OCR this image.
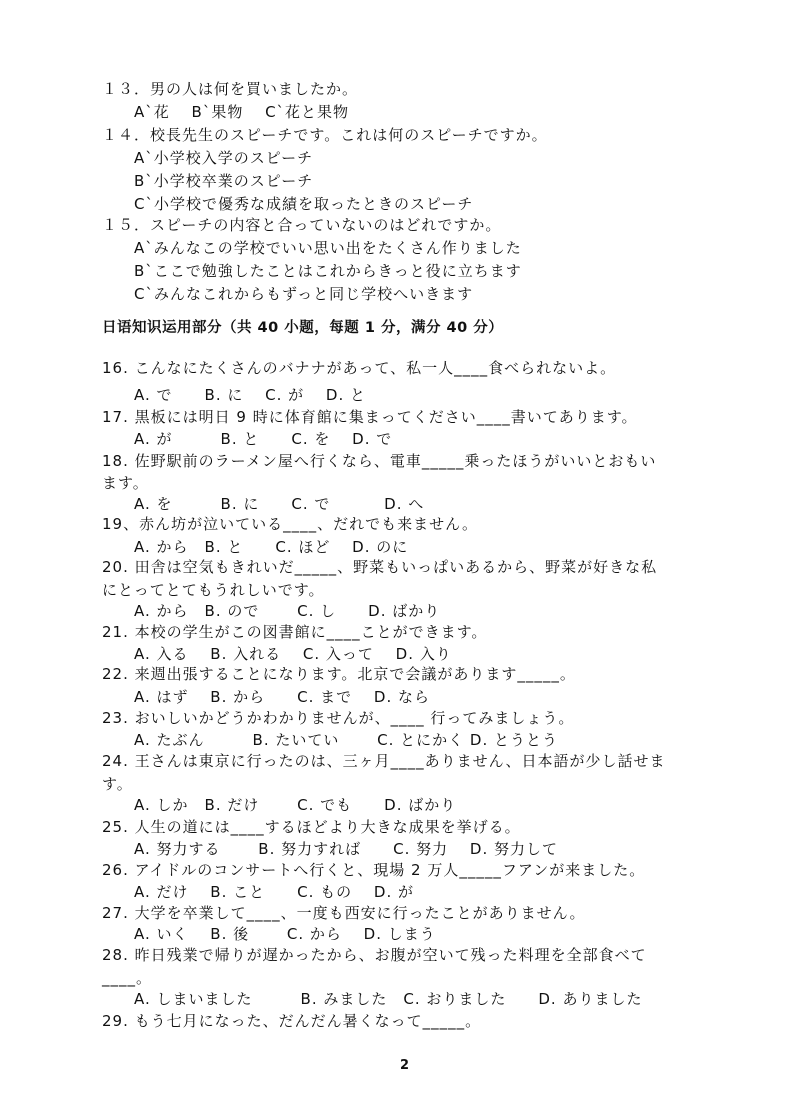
１３．男の人は何を買いましたか。
A`花　 B`果物　 C`花と果物
１４．校長先生のスピーチです。これは何のスピーチですか。
A`小学校入学のスピーチ
B`小学校卒業のスピーチ
C`小学校で優秀な成績を取ったときのスピーチ
１５．スピーチの内容と合っていないのはどれですか。
A`みんなこの学校でいい思い出をたくさん作りました
B`ここで勉強したことはこれからきっと役に立ちます
C`みんなこれからもずっと同じ学校へいきます
日语知识运用部分（共 40 小题，每题 1 分，满分 40 分）
16. こんなにたくさんのバナナがあって、私一人____食べられないよ。
A. で　　B. に　 C. が　 D. と
17. 黒板には明日 9 時に体育館に集まってください____書いてあります。
A. が　　　B. と　　C. を　 D. で
18. 佐野駅前のラーメン屋へ行くなら、電車_____乗ったほうがいいとおもい
ます。
A. を　　　B. に　　C. で　　　 D. へ
19、赤ん坊が泣いている____、だれでも来ません。
A. から　B. と　　C. ほど　 D. のに
20. 田舎は空気もきれいだ_____、野菜もいっぱいあるから、野菜が好きな私
にとってとてもうれしいです。
A. から　B. ので　　 C. し　　D. ばかり
21. 本校の学生がこの図書館に____ことができます。
A. 入る　 B. 入れる　 C. 入って　 D. 入り
22. 来週出張することになります。北京で会議があります_____。
A. はず　 B. から　　C. まで　 D. なら
23. おいしいかどうかわかりませんが、____ 行ってみましょう。
A. たぶん　　　B. たいてい　　 C. とにかく D. とうとう
24. 王さんは東京に行ったのは、三ヶ月____ありません、日本語が少し話せま
す。
A. しか　B. だけ　　 C. でも　　D. ばかり
25. 人生の道には____するほどより大きな成果を挙げる。
A. 努力する　　 B. 努力すれば　　C. 努力　 D. 努力して
26. アイドルのコンサートへ行くと、現場 2 万人_____フアンが来ました。
A. だけ　 B. こと　　C. もの　 D. が
27. 大学を卒業して____、一度も西安に行ったことがありません。
A. いく　 B. 後　　 C. から　 D. しまう
28. 昨日残業で帰りが遅かったから、お腹が空いて残った料理を全部食べて
____。
A. しまいました　　　B. みました　C. おりました　　D. ありました
29. もう七月になった、だんだん暑くなって_____。
2
